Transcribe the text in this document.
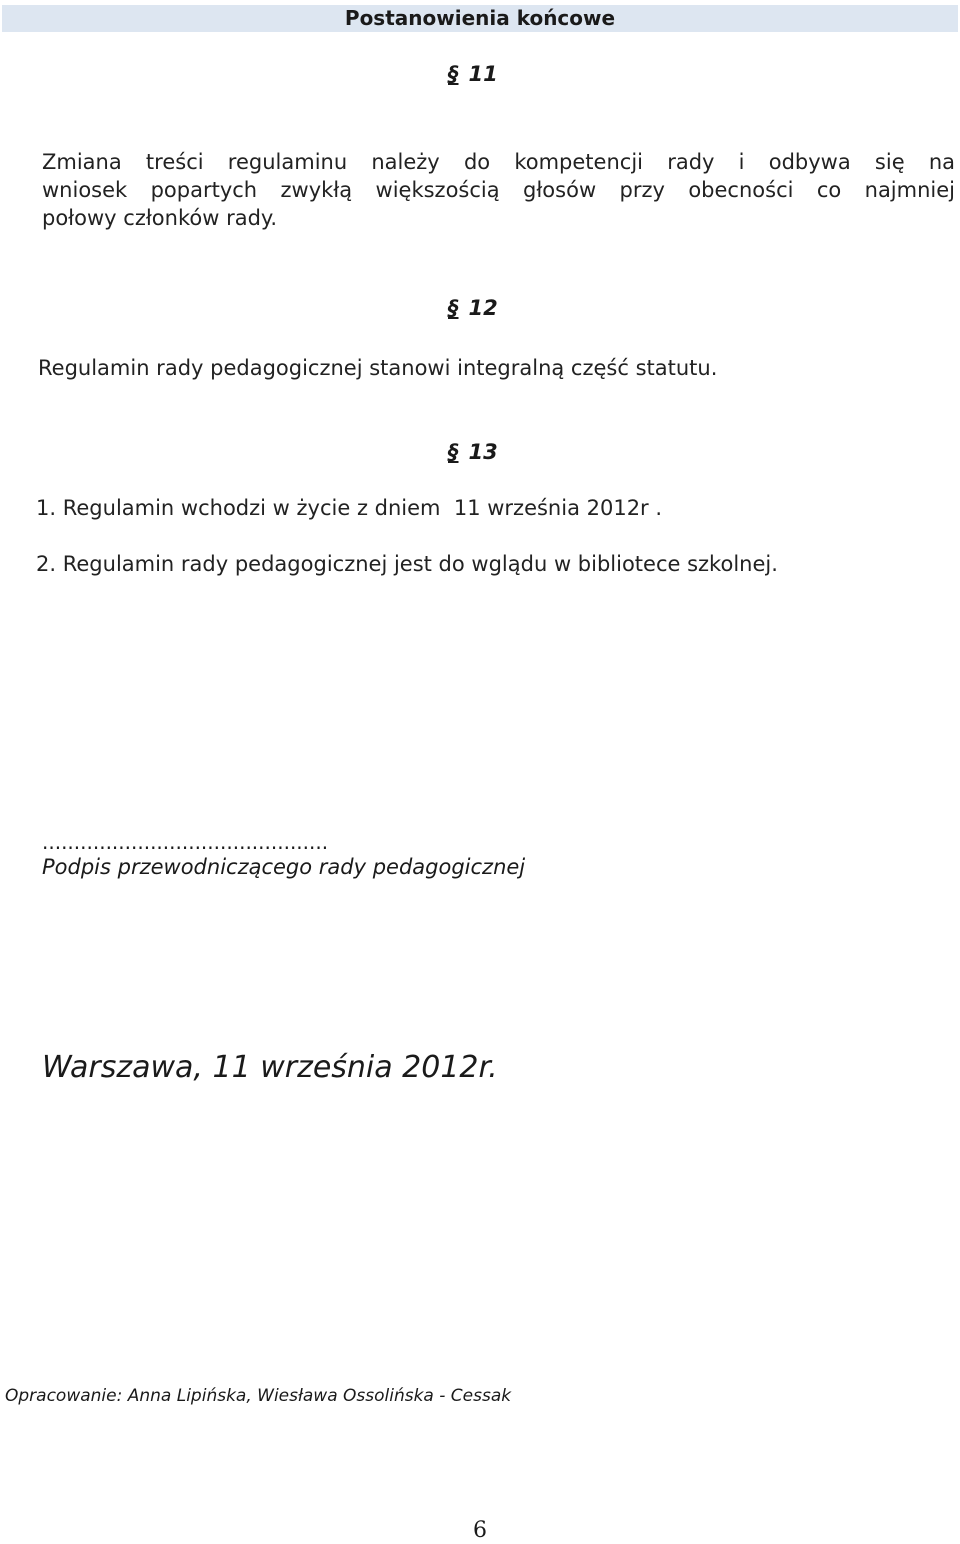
Postanowienia końcowe
§ 11
Zmiana treści regulaminu należy do kompetencji rady i odbywa się na
wniosek popartych zwykłą większością głosów przy obecności co najmniej
połowy członków rady.
§ 12
Regulamin rady pedagogicznej stanowi integralną część statutu.
§ 13
1. Regulamin wchodzi w życie z dniem  11 września 2012r .
2. Regulamin rady pedagogicznej jest do wglądu w bibliotece szkolnej.
.............................................
Podpis przewodniczącego rady pedagogicznej
Warszawa, 11 września 2012r.
Opracowanie: Anna Lipińska, Wiesława Ossolińska - Cessak
6
